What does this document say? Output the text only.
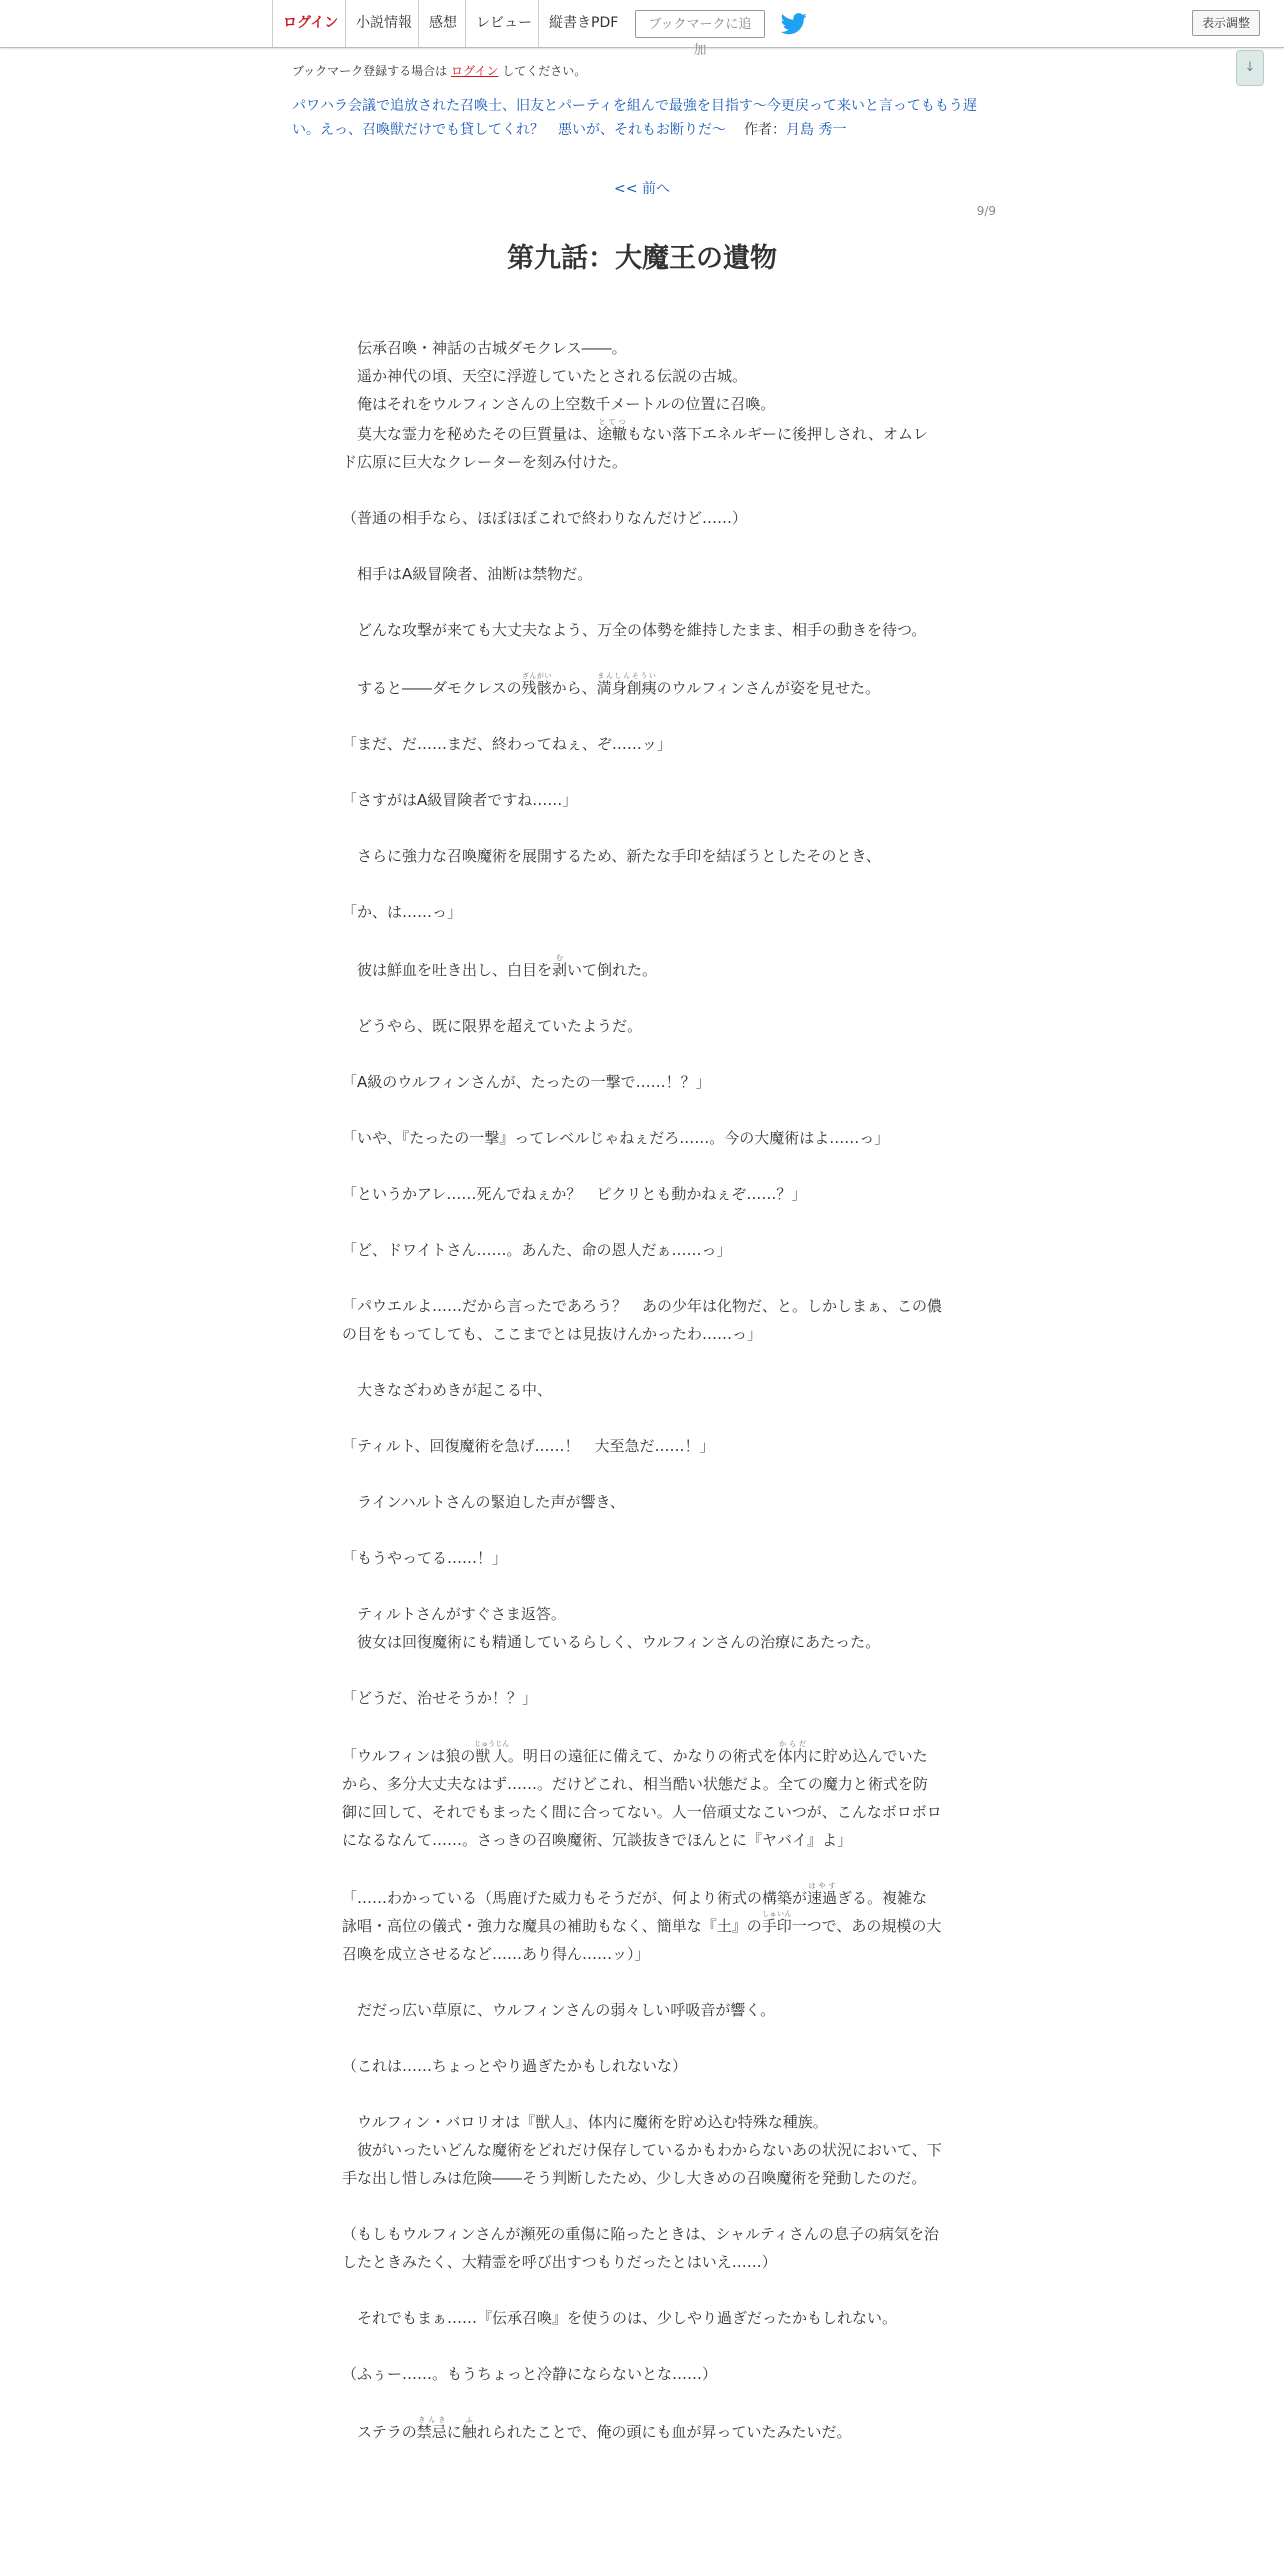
ログイン	小説情報	感想	レビュー	縦書きPDF	ブックマークに追加
表示調整
↓
ブックマーク登録する場合は ログイン してください。
パワハラ会議で追放された召喚士、旧友とパーティを組んで最強を目指す～今更戻って来いと言ってももう遅い。えっ、召喚獣だけでも貸してくれ？　悪いが、それもお断りだ～ 作者：月島 秀一
<< 前へ
9/9
第九話：大魔王の遺物

　伝承召喚・神話の古城ダモクレス――。

　遥か神代の頃、天空に浮遊していたとされる伝説の古城。

　俺はそれをウルフィンさんの上空数千メートルの位置に召喚。

　莫大な霊力を秘めたその巨質量は、途轍とてつもない落下エネルギーに後押しされ、オムレド広原に巨大なクレーターを刻み付けた。

（普通の相手なら、ほぼほぼこれで終わりなんだけど……）

　相手はA級冒険者、油断は禁物だ。

　どんな攻撃が来ても大丈夫なよう、万全の体勢を維持したまま、相手の動きを待つ。

　すると――ダモクレスの残骸ざんがいから、満身創痍まんしんそういのウルフィンさんが姿を見せた。

「まだ、だ……まだ、終わってねぇ、ぞ……ッ」

「さすがはA級冒険者ですね……」

　さらに強力な召喚魔術を展開するため、新たな手印を結ぼうとしたそのとき、

「か、は……っ」

　彼は鮮血を吐き出し、白目を剥むいて倒れた。

　どうやら、既に限界を超えていたようだ。

「A級のウルフィンさんが、たったの一撃で……！？」

「いや、『たったの一撃』ってレベルじゃねぇだろ……。今の大魔術はよ……っ」

「というかアレ……死んでねぇか？　ピクリとも動かねぇぞ……？」

「ど、ドワイトさん……。あんた、命の恩人だぁ……っ」

「パウエルよ……だから言ったであろう？　あの少年は化物だ、と。しかしまぁ、この儂の目をもってしても、ここまでとは見抜けんかったわ……っ」

　大きなざわめきが起こる中、

「ティルト、回復魔術を急げ……！　大至急だ……！」

　ラインハルトさんの緊迫した声が響き、

「もうやってる……！」

　ティルトさんがすぐさま返答。

　彼女は回復魔術にも精通しているらしく、ウルフィンさんの治療にあたった。

「どうだ、治せそうか！？」

「ウルフィンは狼の獣人じゅうじん。明日の遠征に備えて、かなりの術式を体内からだに貯め込んでいたから、多分大丈夫なはず……。だけどこれ、相当酷い状態だよ。全ての魔力と術式を防御に回して、それでもまったく間に合ってない。人一倍頑丈なこいつが、こんなボロボロになるなんて……。さっきの召喚魔術、冗談抜きでほんとに『ヤバイ』よ」

「……わかっている（馬鹿げた威力もそうだが、何より術式の構築が速過はやすぎる。複雑な詠唱・高位の儀式・強力な魔具の補助もなく、簡単な『土』の手印しゅいん一つで、あの規模の大召喚を成立させるなど……あり得ん……ッ）」

　だだっ広い草原に、ウルフィンさんの弱々しい呼吸音が響く。

（これは……ちょっとやり過ぎたかもしれないな）

　ウルフィン・バロリオは『獣人』、体内に魔術を貯め込む特殊な種族。

　彼がいったいどんな魔術をどれだけ保存しているかもわからないあの状況において、下手な出し惜しみは危険――そう判断したため、少し大きめの召喚魔術を発動したのだ。

（もしもウルフィンさんが瀕死の重傷に陥ったときは、シャルティさんの息子の病気を治したときみたく、大精霊を呼び出すつもりだったとはいえ……）

　それでもまぁ……『伝承召喚』を使うのは、少しやり過ぎだったかもしれない。

（ふぅー……。もうちょっと冷静にならないとな……）

　ステラの禁忌きんきに触ふれられたことで、俺の頭にも血が昇っていたみたいだ。
